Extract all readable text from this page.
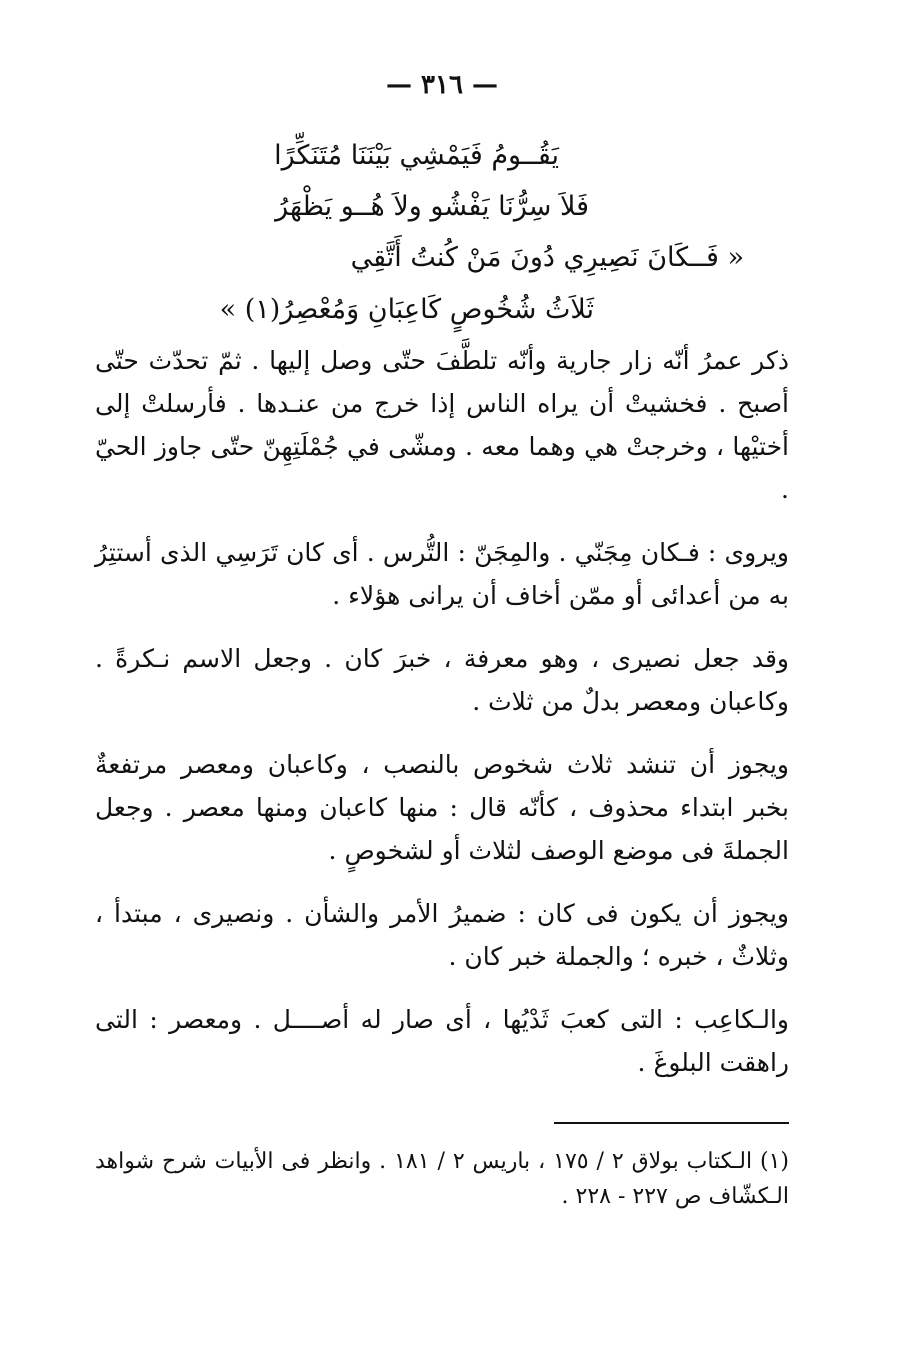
— ٣١٦ —
يَقُــومُ فَيَمْشِي بَيْنَنَا مُتَنَكِّرًا
فَلاَ سِرُّنَا يَفْشُو ولاَ هُــو يَظْهَرُ
« فَــكَانَ نَصِيرِي دُونَ مَنْ كُنتُ أَتَّقِي
ثَلاَثُ شُخُوصٍ كَاعِبَانِ وَمُعْصِرُ(١) »

ذكر عمرُ أنّه زار جارية وأنّه تلطَّفَ حتّى وصل إليها . ثمّ تحدّث حتّى أصبح . فخشيتْ أن يراه الناس إذا خرج من عنـدها . فأرسلتْ إلى أختيْها ، وخرجتْ هي وهما معه . ومشّى في جُمْلَتِهِنّ حتّى جاوز الحيّ .

ويروى : فـكان مِجَنّي . والمِجَنّ : التُّرس . أى كان تَرَسِي الذى أستتِرُ به من أعدائى أو ممّن أخاف أن يرانى هؤلاء .

وقد جعل نصيرى ، وهو معرفة ، خبرَ كان . وجعل الاسم نـكرةً . وكاعبان ومعصر بدلٌ من ثلاث .

ويجوز أن تنشد ثلاث شخوص بالنصب ، وكاعبان ومعصر مرتفعةٌ بخبر ابتداء محذوف ، كأنّه قال : منها كاعبان ومنها معصر . وجعل الجملةَ فى موضع الوصف لثلاث أو لشخوصٍ .

ويجوز أن يكون فى كان : ضميرُ الأمر والشأن . ونصيرى ، مبتدأ ، وثلاثٌ ، خبره ؛ والجملة خبر كان .

والـكاعِب : التى كعبَ ثَدْيُها ، أى صار له أصــــل . ومعصر : التى راهقت البلوغَ .

(١) الـكتاب بولاق ٢ / ١٧٥ ، باريس ٢ / ١٨١ . وانظر فى الأبيات شرح شواهد الـكشّاف ص ٢٢٧ - ٢٢٨ .
